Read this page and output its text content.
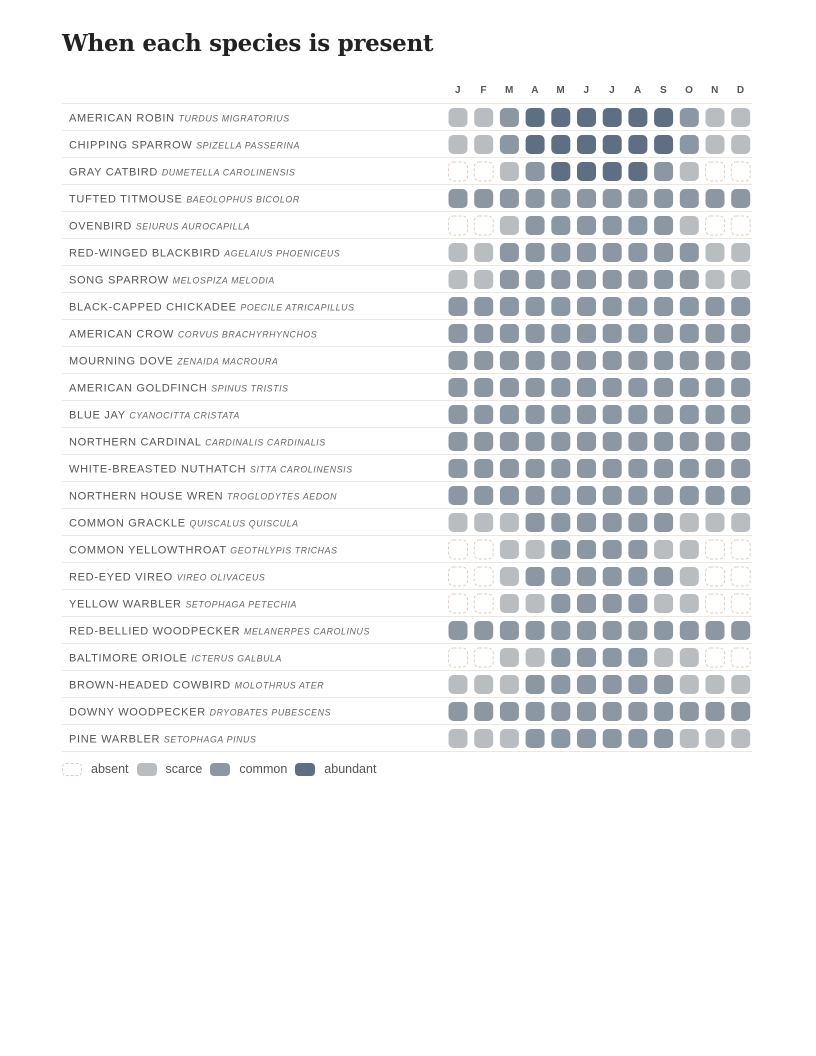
When each species is present
J F M A M J J A S O N D
AMERICAN ROBIN TURDUS MIGRATORIUS
CHIPPING SPARROW SPIZELLA PASSERINA
GRAY CATBIRD DUMETELLA CAROLINENSIS
TUFTED TITMOUSE BAEOLOPHUS BICOLOR
OVENBIRD SEIURUS AUROCAPILLA
RED-WINGED BLACKBIRD AGELAIUS PHOENICEUS
SONG SPARROW MELOSPIZA MELODIA
BLACK-CAPPED CHICKADEE POECILE ATRICAPILLUS
AMERICAN CROW CORVUS BRACHYRHYNCHOS
MOURNING DOVE ZENAIDA MACROURA
AMERICAN GOLDFINCH SPINUS TRISTIS
BLUE JAY CYANOCITTA CRISTATA
NORTHERN CARDINAL CARDINALIS CARDINALIS
WHITE-BREASTED NUTHATCH SITTA CAROLINENSIS
NORTHERN HOUSE WREN TROGLODYTES AEDON
COMMON GRACKLE QUISCALUS QUISCULA
COMMON YELLOWTHROAT GEOTHLYPIS TRICHAS
RED-EYED VIREO VIREO OLIVACEUS
YELLOW WARBLER SETOPHAGA PETECHIA
RED-BELLIED WOODPECKER MELANERPES CAROLINUS
BALTIMORE ORIOLE ICTERUS GALBULA
BROWN-HEADED COWBIRD MOLOTHRUS ATER
DOWNY WOODPECKER DRYOBATES PUBESCENS
PINE WARBLER SETOPHAGA PINUS
absent	scarce	common	abundant
